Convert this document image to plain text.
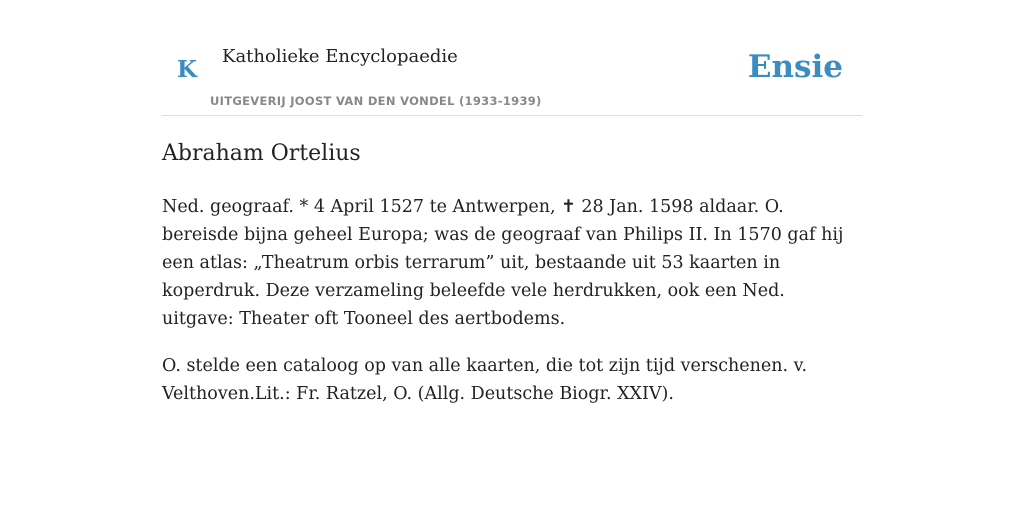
K Katholieke Encyclopaedie
UITGEVERIJ JOOST VAN DEN VONDEL (1933-1939)
Ensie
Abraham Ortelius

Ned. geograaf. * 4 April 1527 te Antwerpen, ✝ 28 Jan. 1598 aldaar. O. bereisde bijna geheel Europa; was de geograaf van Philips II. In 1570 gaf hij een atlas: „Theatrum orbis terrarum” uit, bestaande uit 53 kaarten in koperdruk. Deze verzameling beleefde vele herdrukken, ook een Ned. uitgave: Theater oft Tooneel des aertbodems.

O. stelde een cataloog op van alle kaarten, die tot zijn tijd verschenen. v. Velthoven.Lit.: Fr. Ratzel, O. (Allg. Deutsche Biogr. XXIV).
